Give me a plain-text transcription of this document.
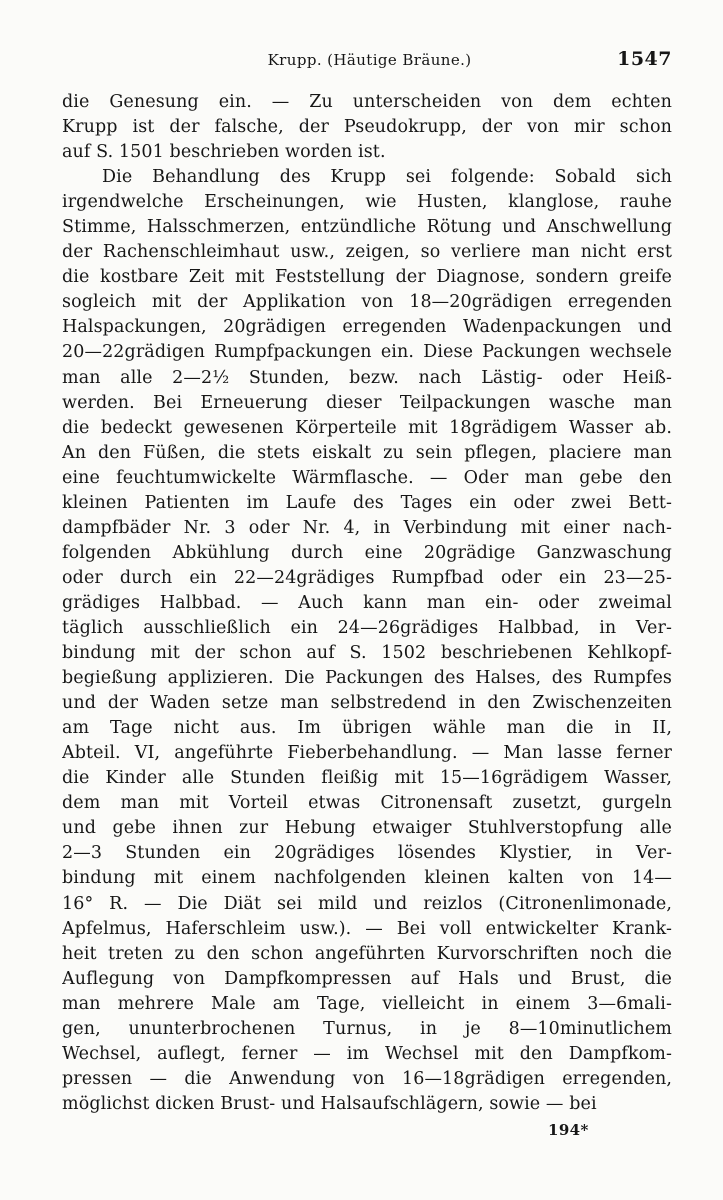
Krupp. (Häutige Bräune.)	1547
die Genesung ein. — Zu unterscheiden von dem echten
Krupp ist der falsche, der Pseudokrupp, der von mir schon
auf S. 1501 beschrieben worden ist.
Die Behandlung des Krupp sei folgende: Sobald sich
irgendwelche Erscheinungen, wie Husten, klanglose, rauhe
Stimme, Halsschmerzen, entzündliche Rötung und Anschwellung
der Rachenschleimhaut usw., zeigen, so verliere man nicht erst
die kostbare Zeit mit Feststellung der Diagnose, sondern greife
sogleich mit der Applikation von 18—20grädigen erregenden
Halspackungen, 20grädigen erregenden Wadenpackungen und
20—22grädigen Rumpfpackungen ein. Diese Packungen wechsele
man alle 2—2½ Stunden, bezw. nach Lästig- oder Heiß-
werden. Bei Erneuerung dieser Teilpackungen wasche man
die bedeckt gewesenen Körperteile mit 18grädigem Wasser ab.
An den Füßen, die stets eiskalt zu sein pflegen, placiere man
eine feuchtumwickelte Wärmflasche. — Oder man gebe den
kleinen Patienten im Laufe des Tages ein oder zwei Bett-
dampfbäder Nr. 3 oder Nr. 4, in Verbindung mit einer nach-
folgenden Abkühlung durch eine 20grädige Ganzwaschung
oder durch ein 22—24grädiges Rumpfbad oder ein 23—25-
grädiges Halbbad. — Auch kann man ein- oder zweimal
täglich ausschließlich ein 24—26grädiges Halbbad, in Ver-
bindung mit der schon auf S. 1502 beschriebenen Kehlkopf-
begießung applizieren. Die Packungen des Halses, des Rumpfes
und der Waden setze man selbstredend in den Zwischenzeiten
am Tage nicht aus. Im übrigen wähle man die in II,
Abteil. VI, angeführte Fieberbehandlung. — Man lasse ferner
die Kinder alle Stunden fleißig mit 15—16grädigem Wasser,
dem man mit Vorteil etwas Citronensaft zusetzt, gurgeln
und gebe ihnen zur Hebung etwaiger Stuhlverstopfung alle
2—3 Stunden ein 20grädiges lösendes Klystier, in Ver-
bindung mit einem nachfolgenden kleinen kalten von 14—
16° R. — Die Diät sei mild und reizlos (Citronenlimonade,
Apfelmus, Haferschleim usw.). — Bei voll entwickelter Krank-
heit treten zu den schon angeführten Kurvorschriften noch die
Auflegung von Dampfkompressen auf Hals und Brust, die
man mehrere Male am Tage, vielleicht in einem 3—6mali-
gen, ununterbrochenen Turnus, in je 8—10minutlichem
Wechsel, auflegt, ferner — im Wechsel mit den Dampfkom-
pressen — die Anwendung von 16—18grädigen erregenden,
möglichst dicken Brust- und Halsaufschlägern, sowie — bei
194*
